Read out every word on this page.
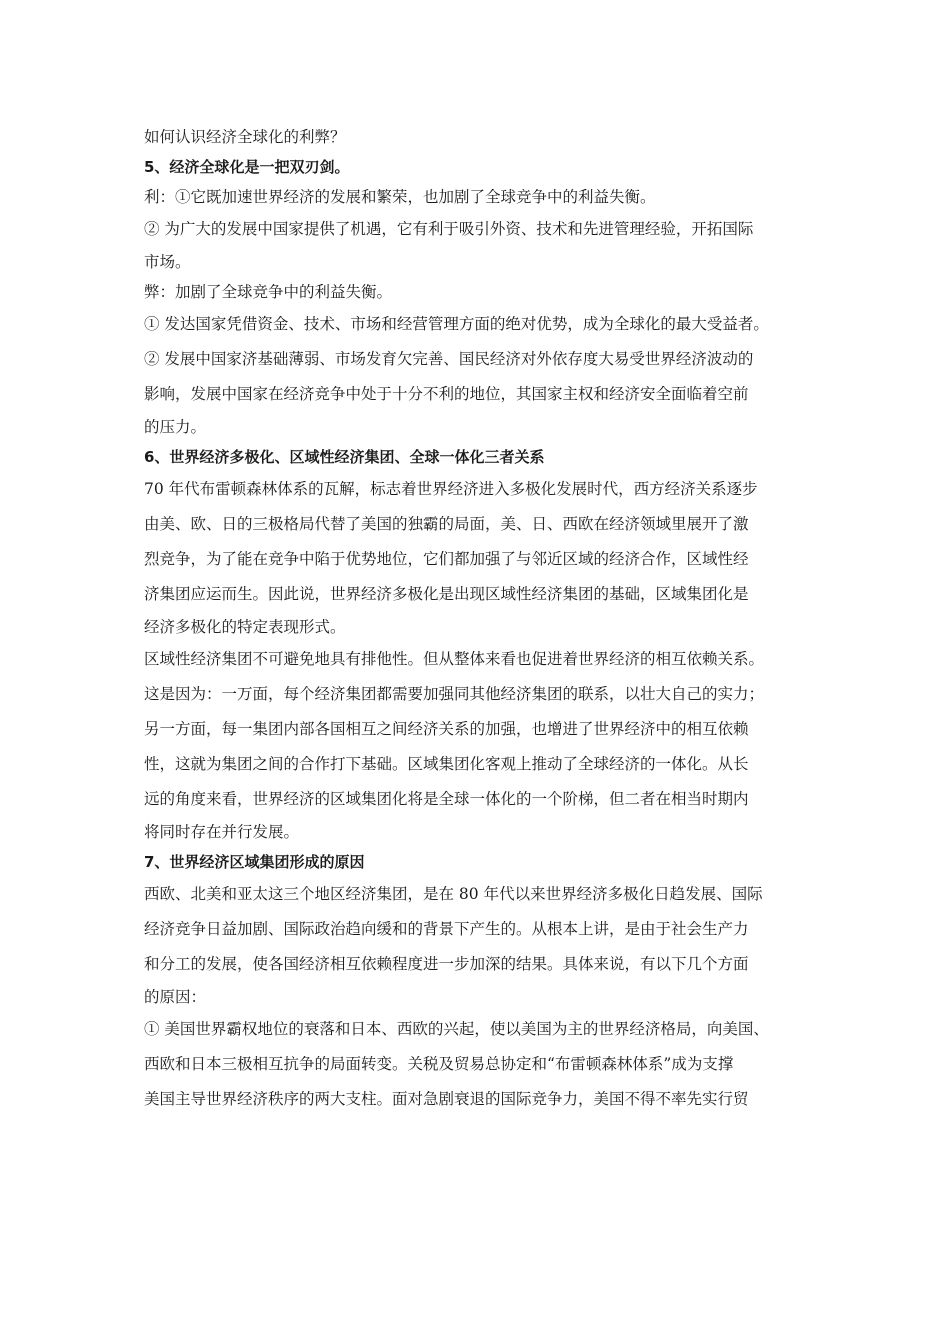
如何认识经济全球化的利弊？
5、经济全球化是一把双刃剑。
利：①它既加速世界经济的发展和繁荣，也加剧了全球竞争中的利益失衡。
② 为广大的发展中国家提供了机遇，它有利于吸引外资、技术和先进管理经验，开拓国际
市场。
弊：加剧了全球竞争中的利益失衡。
① 发达国家凭借资金、技术、市场和经营管理方面的绝对优势，成为全球化的最大受益者。
② 发展中国家济基础薄弱、市场发育欠完善、国民经济对外依存度大易受世界经济波动的
影响，发展中国家在经济竞争中处于十分不利的地位，其国家主权和经济安全面临着空前
的压力。
6、世界经济多极化、区域性经济集团、全球一体化三者关系
70 年代布雷顿森林体系的瓦解，标志着世界经济进入多极化发展时代，西方经济关系逐步
由美、欧、日的三极格局代替了美国的独霸的局面，美、日、西欧在经济领域里展开了激
烈竞争，为了能在竞争中陷于优势地位，它们都加强了与邻近区域的经济合作，区域性经
济集团应运而生。因此说，世界经济多极化是出现区域性经济集团的基础，区域集团化是
经济多极化的特定表现形式。
区域性经济集团不可避免地具有排他性。但从整体来看也促进着世界经济的相互依赖关系。
这是因为：一万面，每个经济集团都需要加强同其他经济集团的联系，以壮大自己的实力；
另一方面，每一集团内部各国相互之间经济关系的加强，也增进了世界经济中的相互依赖
性，这就为集团之间的合作打下基础。区域集团化客观上推动了全球经济的一体化。从长
远的角度来看，世界经济的区域集团化将是全球一体化的一个阶梯，但二者在相当时期内
将同时存在并行发展。
7、世界经济区域集团形成的原因
西欧、北美和亚太这三个地区经济集团，是在 80 年代以来世界经济多极化日趋发展、国际
经济竞争日益加剧、国际政治趋向缓和的背景下产生的。从根本上讲，是由于社会生产力
和分工的发展，使各国经济相互依赖程度进一步加深的结果。具体来说，有以下几个方面
的原因：
① 美国世界霸权地位的衰落和日本、西欧的兴起，使以美国为主的世界经济格局，向美国、
西欧和日本三极相互抗争的局面转变。关税及贸易总协定和“布雷顿森林体系”成为支撑
美国主导世界经济秩序的两大支柱。面对急剧衰退的国际竞争力，美国不得不率先实行贸
